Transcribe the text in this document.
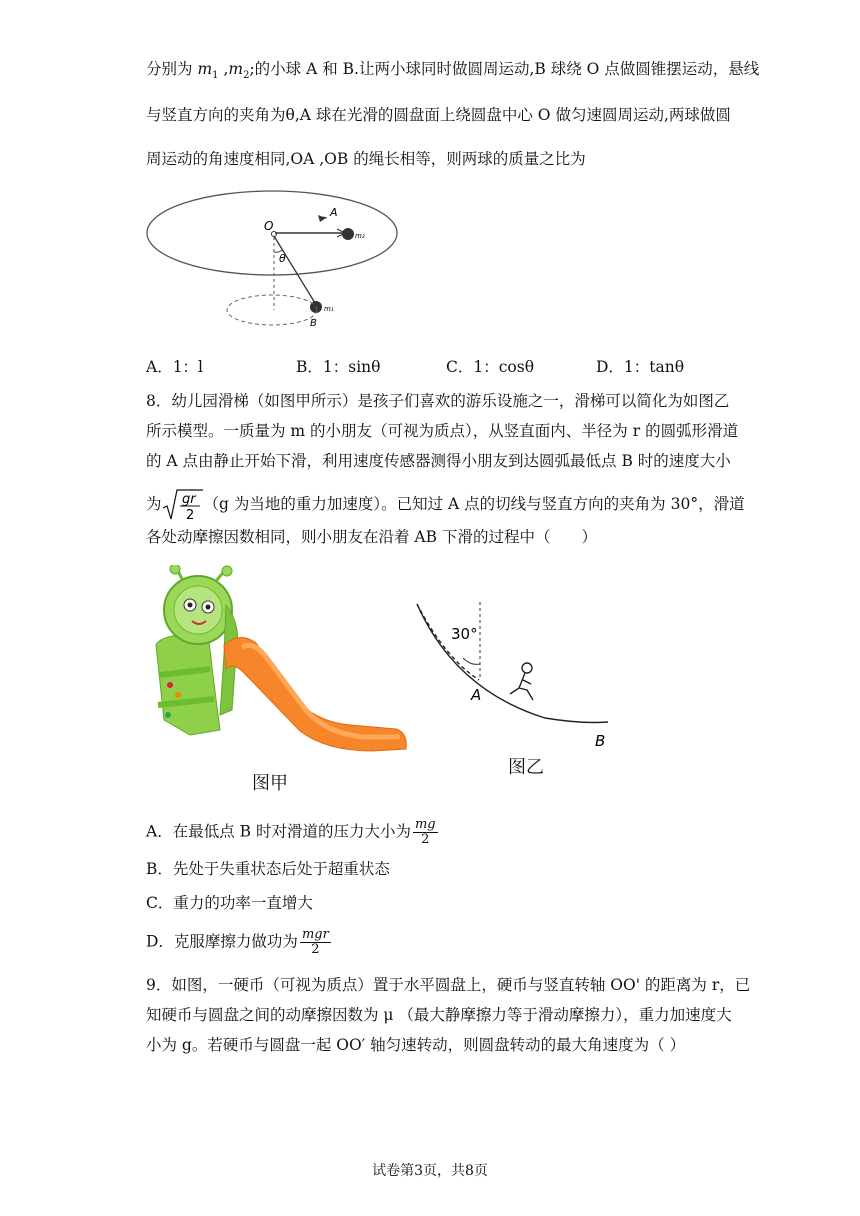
分别为 $m_1$ $,m_2$;的小球 A 和 B.让两小球同时做圆周运动,B 球绕 O 点做圆锥摆运动，悬线
与竖直方向的夹角为θ,A 球在光滑的圆盘面上绕圆盘中心 O 做匀速圆周运动,两球做圆
周运动的角速度相同,OA ,OB 的绳长相等，则两球的质量之比为
O
A
m₂
θ
m₁
B
A．1：l	B．1：sinθ	C．1：cosθ	D．1：tanθ
8．幼儿园滑梯（如图甲所示）是孩子们喜欢的游乐设施之一，滑梯可以简化为如图乙
所示模型。一质量为 m 的小朋友（可视为质点），从竖直面内、半径为 r 的圆弧形滑道
的 A 点由静止开始下滑，利用速度传感器测得小朋友到达圆弧最低点 B 时的速度大小
为 gr
2
（g 为当地的重力加速度）。已知过 A 点的切线与竖直方向的夹角为 30°，滑道
各处动摩擦因数相同，则小朋友在沿着 AB 下滑的过程中（　　）
30°
A
B
图甲
图乙
A．在最低点 B 时对滑道的压力大小为 $\frac{mg}{2}$
B．先处于失重状态后处于超重状态
C．重力的功率一直增大
D．克服摩擦力做功为 $\frac{\text{mgr}}{2}$
9．如图，一硬币（可视为质点）置于水平圆盘上，硬币与竖直转轴 OO' 的距离为 r，已
知硬币与圆盘之间的动摩擦因数为 μ （最大静摩擦力等于滑动摩擦力），重力加速度大
小为 g。若硬币与圆盘一起 OO′ 轴匀速转动，则圆盘转动的最大角速度为（ ）
试卷第3页，共8页
